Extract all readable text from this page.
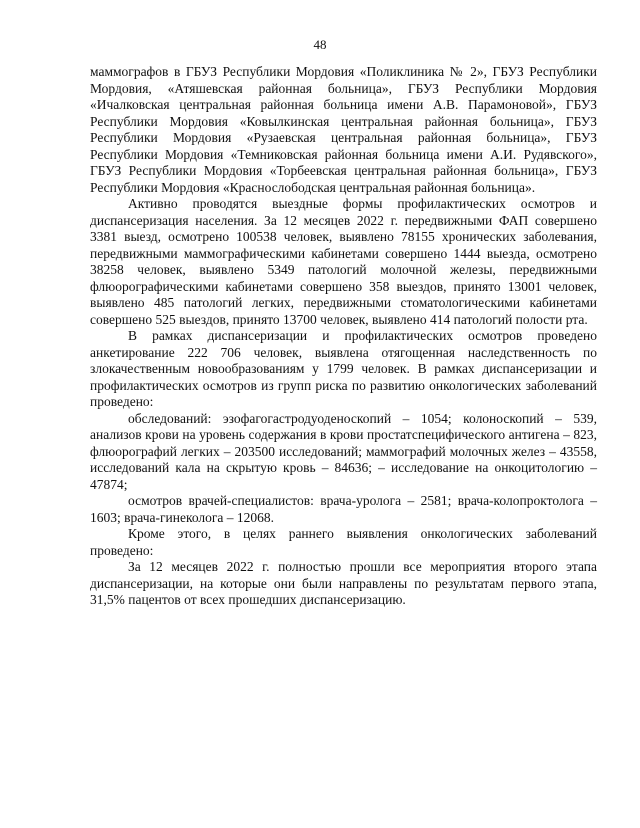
48

маммографов в ГБУЗ Республики Мордовия «Поликлиника № 2», ГБУЗ Республики Мордовия, «Атяшевская районная больница», ГБУЗ Республики Мордовия «Ичалковская центральная районная больница имени А.В. Парамоновой», ГБУЗ Республики Мордовия «Ковылкинская центральная районная больница», ГБУЗ Республики Мордовия «Рузаевская центральная районная больница», ГБУЗ Республики Мордовия «Темниковская районная больница имени А.И. Рудявского», ГБУЗ Республики Мордовия «Торбеевская центральная районная больница», ГБУЗ Республики Мордовия «Краснослободская центральная районная больница».

Активно проводятся выездные формы профилактических осмотров и диспансеризация населения. За 12 месяцев 2022 г. передвижными ФАП совершено 3381 выезд, осмотрено 100538 человек, выявлено 78155 хронических заболевания, передвижными маммографическими кабинетами совершено 1444 выезда, осмотрено 38258 человек, выявлено 5349 патологий молочной железы, передвижными флюорографическими кабинетами совершено 358 выездов, принято 13001 человек, выявлено 485 патологий легких, передвижными стоматологическими кабинетами совершено 525 выездов, принято 13700 человек, выявлено 414 патологий полости рта.

В рамках диспансеризации и профилактических осмотров проведено анкетирование 222 706 человек, выявлена отягощенная наследственность по злокачественным новообразованиям у 1799 человек. В рамках диспансеризации и профилактических осмотров из групп риска по развитию онкологических заболеваний проведено:

обследований: эзофагогастродуоденоскопий – 1054; колоноскопий – 539, анализов крови на уровень содержания в крови простатспецифического антигена – 823, флюорографий легких – 203500 исследований; маммографий молочных желез – 43558, исследований кала на скрытую кровь – 84636; – исследование на онкоцитологию – 47874;

осмотров врачей-специалистов: врача-уролога – 2581; врача-колопроктолога – 1603; врача-гинеколога – 12068.

Кроме этого, в целях раннего выявления онкологических заболеваний проведено:

За 12 месяцев 2022 г. полностью прошли все мероприятия второго этапа диспансеризации, на которые они были направлены по результатам первого этапа, 31,5% пацентов от всех прошедших диспансеризацию.
